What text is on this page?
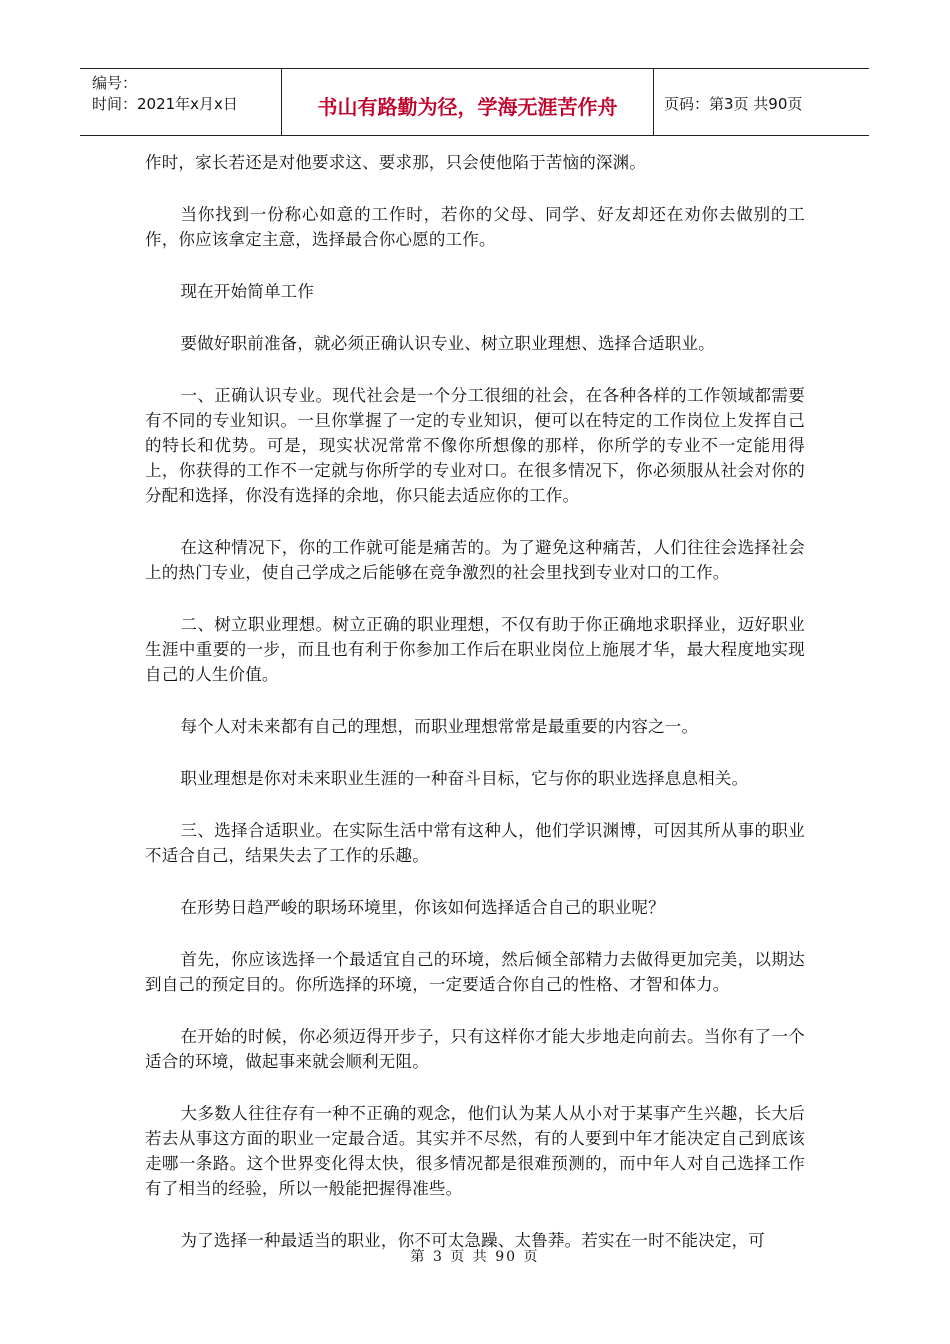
编号：
时间：2021年x月x日	书山有路勤为径，学海无涯苦作舟	页码：第3页 共90页

作时，家长若还是对他要求这、要求那，只会使他陷于苦恼的深渊。

当你找到一份称心如意的工作时，若你的父母、同学、好友却还在劝你去做别的工作，你应该拿定主意，选择最合你心愿的工作。

现在开始简单工作

要做好职前准备，就必须正确认识专业、树立职业理想、选择合适职业。

一、正确认识专业。现代社会是一个分工很细的社会，在各种各样的工作领域都需要有不同的专业知识。一旦你掌握了一定的专业知识，便可以在特定的工作岗位上发挥自己的特长和优势。可是，现实状况常常不像你所想像的那样，你所学的专业不一定能用得上，你获得的工作不一定就与你所学的专业对口。在很多情况下，你必须服从社会对你的分配和选择，你没有选择的余地，你只能去适应你的工作。

在这种情况下，你的工作就可能是痛苦的。为了避免这种痛苦，人们往往会选择社会上的热门专业，使自己学成之后能够在竞争激烈的社会里找到专业对口的工作。

二、树立职业理想。树立正确的职业理想，不仅有助于你正确地求职择业，迈好职业生涯中重要的一步，而且也有利于你参加工作后在职业岗位上施展才华，最大程度地实现自己的人生价值。

每个人对未来都有自己的理想，而职业理想常常是最重要的内容之一。

职业理想是你对未来职业生涯的一种奋斗目标，它与你的职业选择息息相关。

三、选择合适职业。在实际生活中常有这种人，他们学识渊博，可因其所从事的职业不适合自己，结果失去了工作的乐趣。

在形势日趋严峻的职场环境里，你该如何选择适合自己的职业呢？

首先，你应该选择一个最适宜自己的环境，然后倾全部精力去做得更加完美，以期达到自己的预定目的。你所选择的环境，一定要适合你自己的性格、才智和体力。

在开始的时候，你必须迈得开步子，只有这样你才能大步地走向前去。当你有了一个适合的环境，做起事来就会顺利无阻。

大多数人往往存有一种不正确的观念，他们认为某人从小对于某事产生兴趣，长大后若去从事这方面的职业一定最合适。其实并不尽然，有的人要到中年才能决定自己到底该走哪一条路。这个世界变化得太快，很多情况都是很难预测的，而中年人对自己选择工作有了相当的经验，所以一般能把握得准些。

为了选择一种最适当的职业，你不可太急躁、太鲁莽。若实在一时不能决定，可

第 3 页 共 90 页
